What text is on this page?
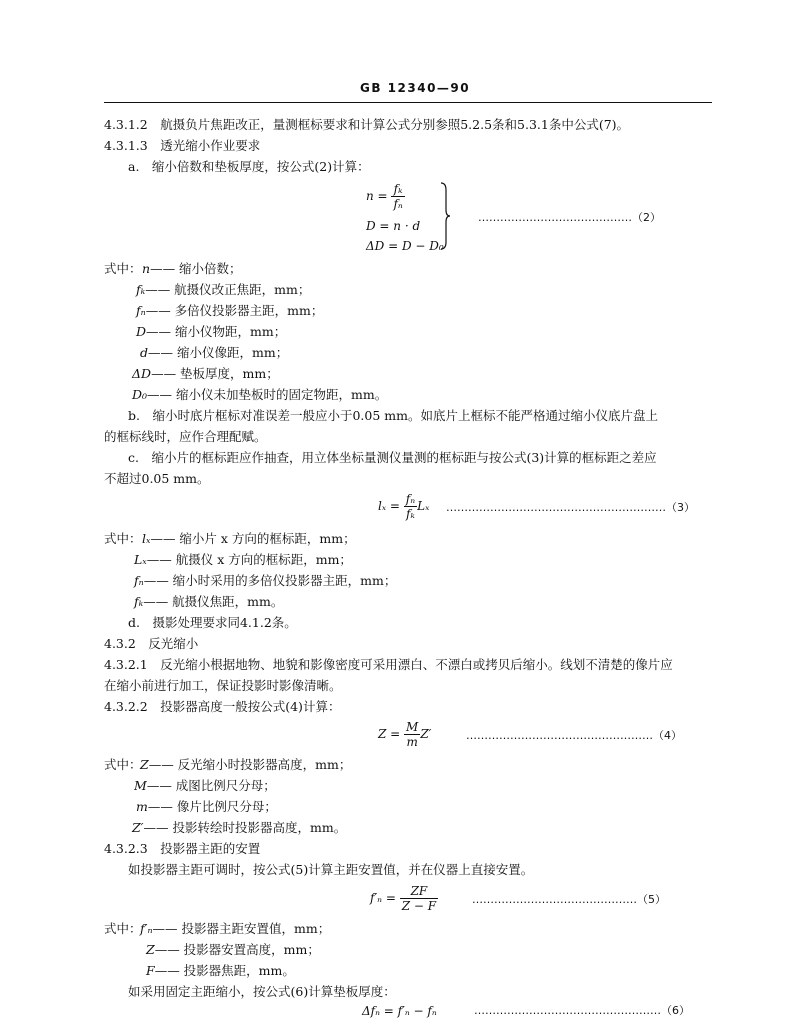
GB 12340—90
4.3.1.2　航摄负片焦距改正，量测框标要求和计算公式分别参照5.2.5条和5.3.1条中公式(7)。
4.3.1.3　透光缩小作业要求
a.　缩小倍数和垫板厚度，按公式(2)计算：
$n = \frac{\text{fₖ}}{\text{fₙ}}$
D = n · d
ΔD = D − D₀
……………………………………（2）
式中： n—— 缩小倍数；
fₖ—— 航摄仪改正焦距，mm；
fₙ—— 多倍仪投影器主距，mm；
D—— 缩小仪物距，mm；
d—— 缩小仪像距，mm；
ΔD—— 垫板厚度，mm；
D₀—— 缩小仪未加垫板时的固定物距，mm。
b.　缩小时底片框标对准误差一般应小于0.05 mm。如底片上框标不能严格通过缩小仪底片盘上
的框标线时，应作合理配赋。
c.　缩小片的框标距应作抽查，用立体坐标量测仪量测的框标距与按公式(3)计算的框标距之差应
不超过0.05 mm。
$l_x = \frac{\text{fₙ}}{\text{fₖ}}$ Lₓ ……………………………………………………（3）
式中： lₓ—— 缩小片 x 方向的框标距，mm；
Lₓ—— 航摄仪 x 方向的框标距，mm；
fₙ—— 缩小时采用的多倍仪投影器主距，mm；
fₖ—— 航摄仪焦距，mm。
d.　摄影处理要求同4.1.2条。
4.3.2　反光缩小
4.3.2.1　反光缩小根据地物、地貌和影像密度可采用漂白、不漂白或拷贝后缩小。线划不清楚的像片应
在缩小前进行加工，保证投影时影像清晰。
4.3.2.2　投影器高度一般按公式(4)计算：
$Z = \frac{M}{m} Z'$	……………………………………………（4）
式中：
Z—— 反光缩小时投影器高度，mm；
M—— 成图比例尺分母；
m—— 像片比例尺分母；
Z′—— 投影转绘时投影器高度，mm。
4.3.2.3　投影器主距的安置
如投影器主距可调时，按公式(5)计算主距安置值，并在仪器上直接安置。
$f'_n = \frac{ZF}{Z - F}$	………………………………………（5）
式中：
f′ₙ—— 投影器主距安置值，mm；
Z—— 投影器安置高度，mm；
F—— 投影器焦距，mm。
如采用固定主距缩小，按公式(6)计算垫板厚度：
Δfₙ = f′ₙ − fₙ	……………………………………………（6）
